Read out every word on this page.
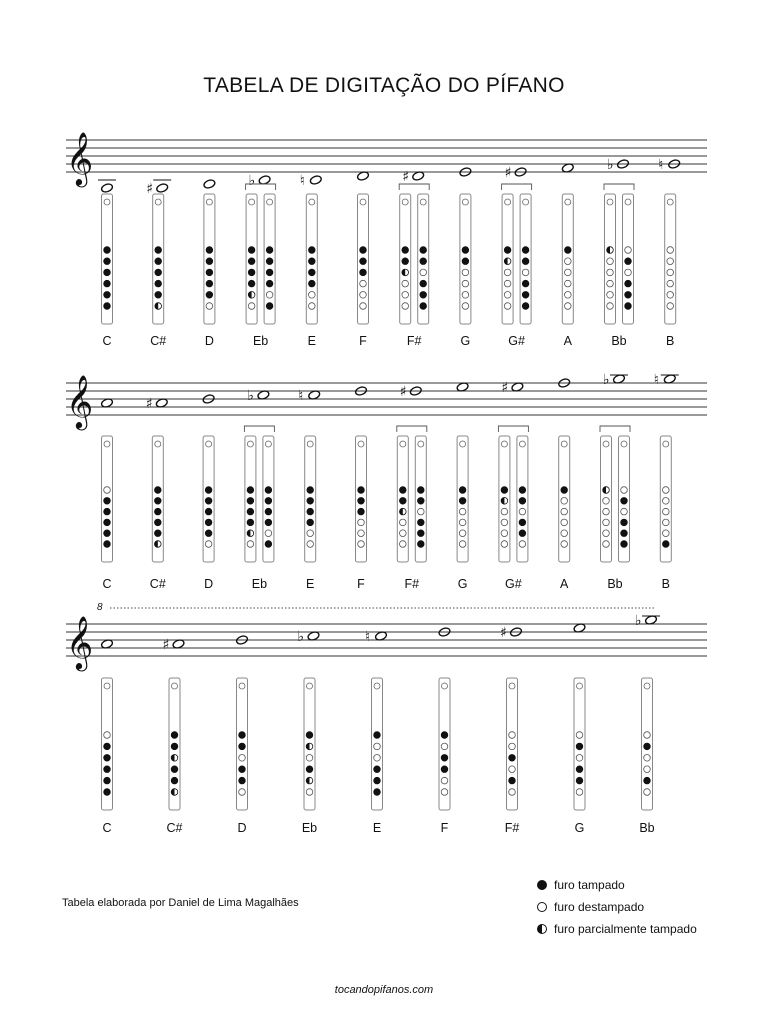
TABELA DE DIGITAÇÃO DO PÍFANO
𝄞
C
♯
C#	D
♭
Eb
♮
E	F
♯
F#	G
♯
G#	A
♭
Bb
♮
B
𝄞
C
♯
C#	D
♭
Eb
♮
E	F
♯
F#	G
♯
G#	A
♭
Bb
♮
B
𝄞
8
C
♯
C#	D
♭
Eb
♮
E	F
♯
F#	G
♭
Bb
furo tampado
furo destampado
furo parcialmente tampado
Tabela elaborada por Daniel de Lima Magalhães
tocandopifanos.com
